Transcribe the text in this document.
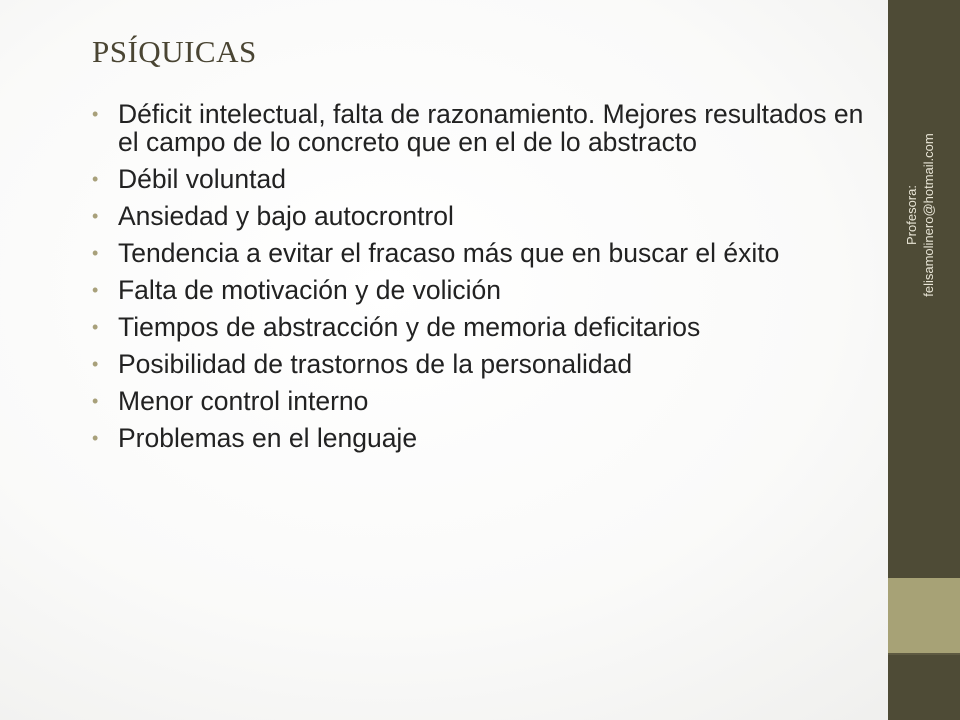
PSÍQUICAS
• Déficit intelectual, falta de razonamiento. Mejores resultados en el campo de lo concreto que en el de lo abstracto
• Débil voluntad
• Ansiedad y bajo autocrontrol
• Tendencia a evitar el fracaso más que en buscar el éxito
• Falta de motivación y de volición
• Tiempos de abstracción y de memoria deficitarios
• Posibilidad de trastornos de la personalidad
• Menor control interno
• Problemas en el lenguaje
Profesora: felisamolinero@hotmail.com
